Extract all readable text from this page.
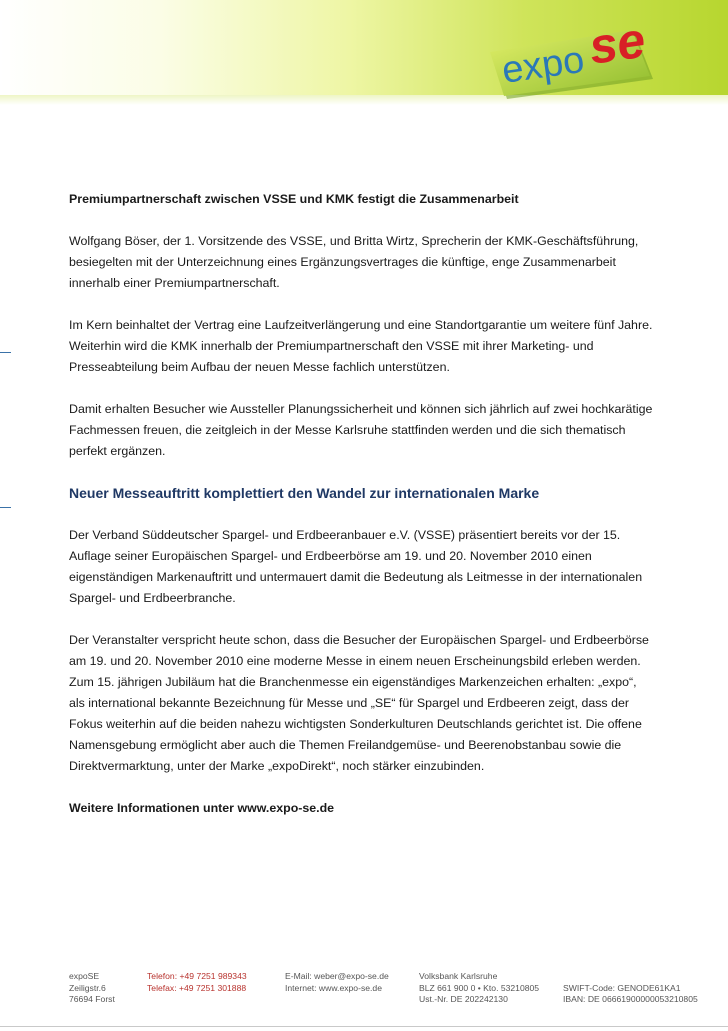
expo
se

Premiumpartnerschaft zwischen VSSE und KMK festigt die Zusammenarbeit

Wolfgang Böser, der 1. Vorsitzende des VSSE, und Britta Wirtz, Sprecherin der KMK-Geschäftsführung, besiegelten mit der Unterzeichnung eines Ergänzungsvertrages die künftige, enge Zusammenarbeit innerhalb einer Premiumpartnerschaft.

Im Kern beinhaltet der Vertrag eine Laufzeitverlängerung und eine Standortgarantie um weitere fünf Jahre. Weiterhin wird die KMK innerhalb der Premiumpartnerschaft den VSSE mit ihrer Marketing- und Presseabteilung beim Aufbau der neuen Messe fachlich unterstützen.

Damit erhalten Besucher wie Aussteller Planungssicherheit und können sich jährlich auf zwei hochkarätige Fachmessen freuen, die zeitgleich in der Messe Karlsruhe stattfinden werden und die sich thematisch perfekt ergänzen.

Neuer Messeauftritt komplettiert den Wandel zur internationalen Marke

Der Verband Süddeutscher Spargel- und Erdbeeranbauer e.V. (VSSE) präsentiert bereits vor der 15. Auflage seiner Europäischen Spargel- und Erdbeerbörse am 19. und 20. November 2010 einen eigenständigen Markenauftritt und untermauert damit die Bedeutung als Leitmesse in der internationalen Spargel- und Erdbeerbranche.

Der Veranstalter verspricht heute schon, dass die Besucher der Europäischen Spargel- und Erdbeerbörse am 19. und 20. November 2010 eine moderne Messe in einem neuen Erscheinungsbild erleben werden. Zum 15. jährigen Jubiläum hat die Branchenmesse ein eigenständiges Markenzeichen erhalten: „expo“, als international bekannte Bezeichnung für Messe und „SE“ für Spargel und Erdbeeren zeigt, dass der Fokus weiterhin auf die beiden nahezu wichtigsten Sonderkulturen Deutschlands gerichtet ist. Die offene Namensgebung ermöglicht aber auch die Themen Freilandgemüse- und Beerenobstanbau sowie die Direktvermarktung, unter der Marke „expoDirekt“, noch stärker einzubinden.

Weitere Informationen unter www.expo-se.de

expoSE
Zeiligstr.6
76694 Forst
Telefon: +49 7251 989343
Telefax: +49 7251 301888
E-Mail: weber@expo-se.de
Internet: www.expo-se.de
Volksbank Karlsruhe
BLZ 661 900 0 • Kto. 53210805
Ust.-Nr. DE 202242130
SWIFT-Code: GENODE61KA1
IBAN: DE 06661900000053210805
